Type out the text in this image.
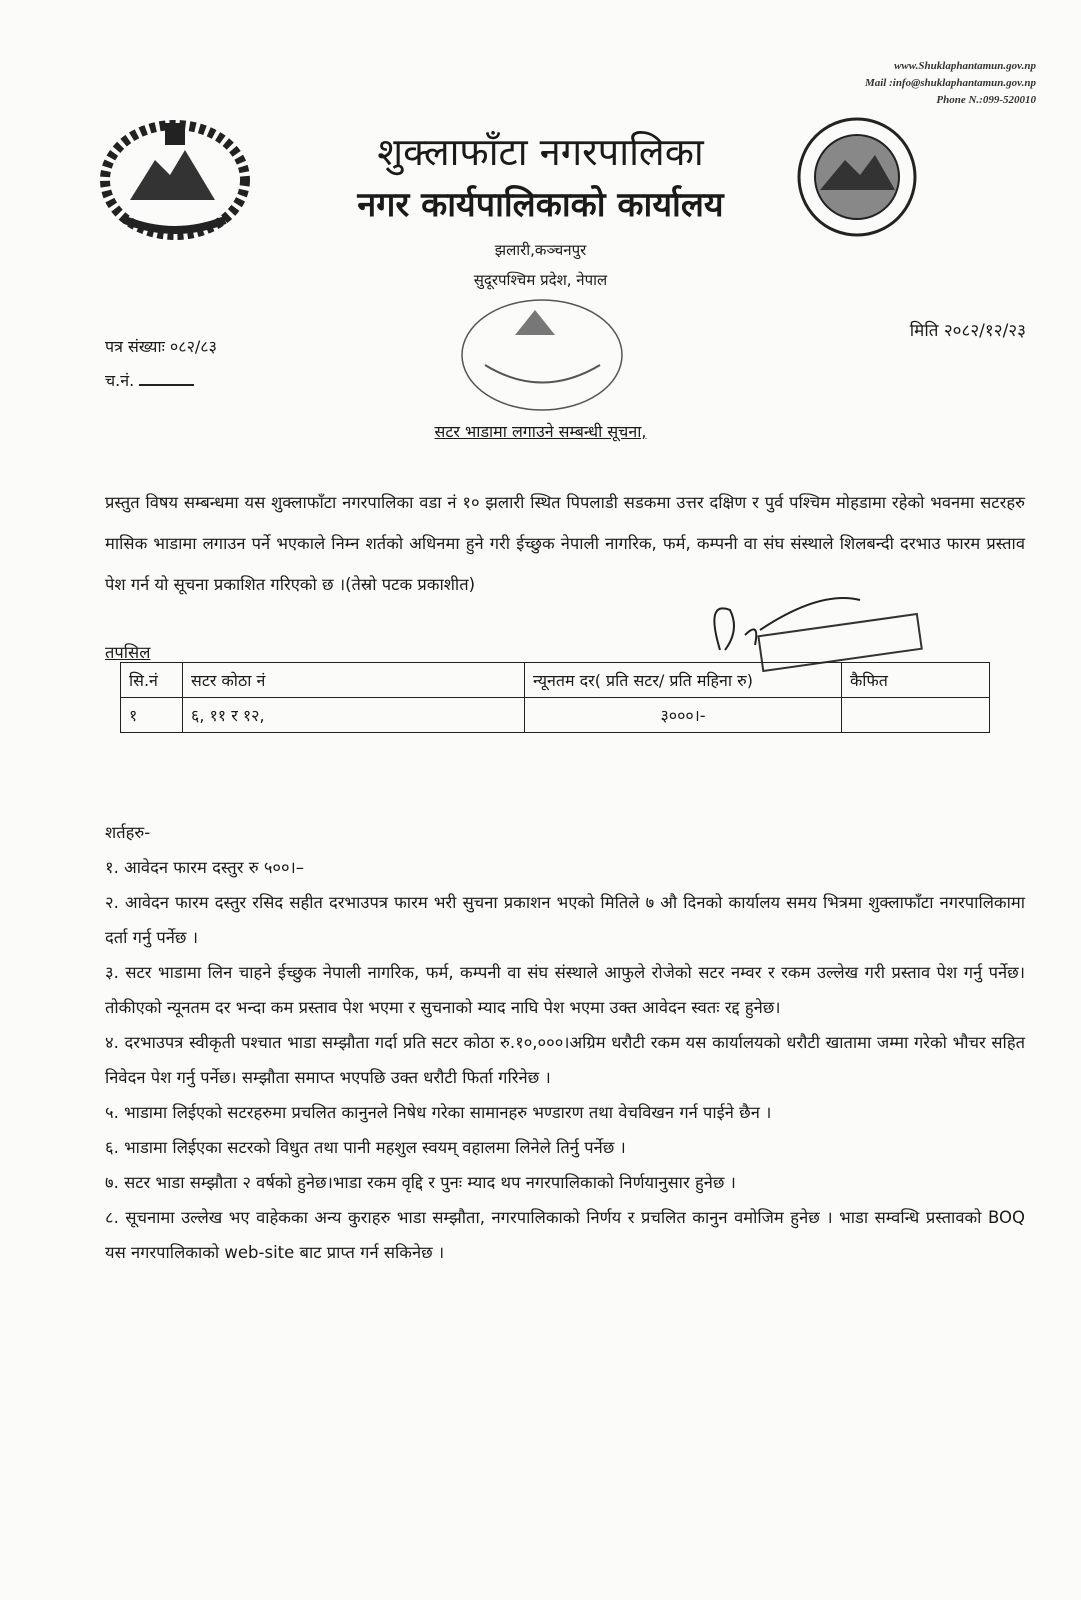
www.Shuklaphantamun.gov.np
Mail :info@shuklaphantamun.gov.np
Phone N.:099-520010
शुक्लाफाँटा नगरपालिका
नगर कार्यपालिकाको कार्यालय
झलारी,कञ्चनपुर
सुदूरपश्चिम प्रदेश, नेपाल
पत्र संख्याः ०८२/८३
च.नं.
मिति २०८२/१२/२३
सटर भाडामा लगाउने सम्बन्धी सूचना,
प्रस्तुत विषय सम्बन्धमा यस शुक्लाफाँटा नगरपालिका वडा नं १० झलारी स्थित पिपलाडी सडकमा उत्तर दक्षिण र पुर्व पश्चिम मोहडामा रहेको भवनमा सटरहरु मासिक भाडामा लगाउन पर्ने भएकाले निम्न शर्तको अधिनमा हुने गरी ईच्छुक नेपाली नागरिक, फर्म, कम्पनी वा संघ संस्थाले शिलबन्दी दरभाउ फारम प्रस्ताव पेश गर्न यो सूचना प्रकाशित गरिएको छ ।(तेस्रो पटक प्रकाशीत)
तपसिल
सि.नं	सटर कोठा नं	न्यूनतम दर( प्रति सटर/ प्रति महिना रु)	कैफित
१	६, ११ र १२,	३०००।-	

शर्तहरु-

१. आवेदन फारम दस्तुर रु ५००।–

२. आवेदन फारम दस्तुर रसिद सहीत दरभाउपत्र फारम भरी सुचना प्रकाशन भएको मितिले ७ औ दिनको कार्यालय समय भित्रमा शुक्लाफाँटा नगरपालिकामा दर्ता गर्नु पर्नेछ ।

३. सटर भाडामा लिन चाहने ईच्छुक नेपाली नागरिक, फर्म, कम्पनी वा संघ संस्थाले आफुले रोजेको सटर नम्वर र रकम उल्लेख गरी प्रस्ताव पेश गर्नु पर्नेछ।तोकीएको न्यूनतम दर भन्दा कम प्रस्ताव पेश भएमा र सुचनाको म्याद नाघि पेश भएमा उक्त आवेदन स्वतः रद्द हुनेछ।

४. दरभाउपत्र स्वीकृती पश्चात भाडा सम्झौता गर्दा प्रति सटर कोठा रु.१०,०००।अग्रिम धरौटी रकम यस कार्यालयको धरौटी खातामा जम्मा गरेको भौचर सहित निवेदन पेश गर्नु पर्नेछ। सम्झौता समाप्त भएपछि उक्त धरौटी फिर्ता गरिनेछ ।

५. भाडामा लिईएको सटरहरुमा प्रचलित कानुनले निषेध गरेका सामानहरु भण्डारण तथा वेचविखन गर्न पाईने छैन ।

६. भाडामा लिईएका सटरको विधुत तथा पानी महशुल स्वयम् वहालमा लिनेले तिर्नु पर्नेछ ।

७. सटर भाडा सम्झौता २ वर्षको हुनेछ।भाडा रकम वृद्दि र पुनः म्याद थप नगरपालिकाको निर्णयानुसार हुनेछ ।

८. सूचनामा उल्लेख भए वाहेकका अन्य कुराहरु भाडा सम्झौता, नगरपालिकाको निर्णय र प्रचलित कानुन वमोजिम हुनेछ । भाडा सम्वन्धि प्रस्तावको BOQ यस नगरपालिकाको web-site बाट प्राप्त गर्न सकिनेछ ।
